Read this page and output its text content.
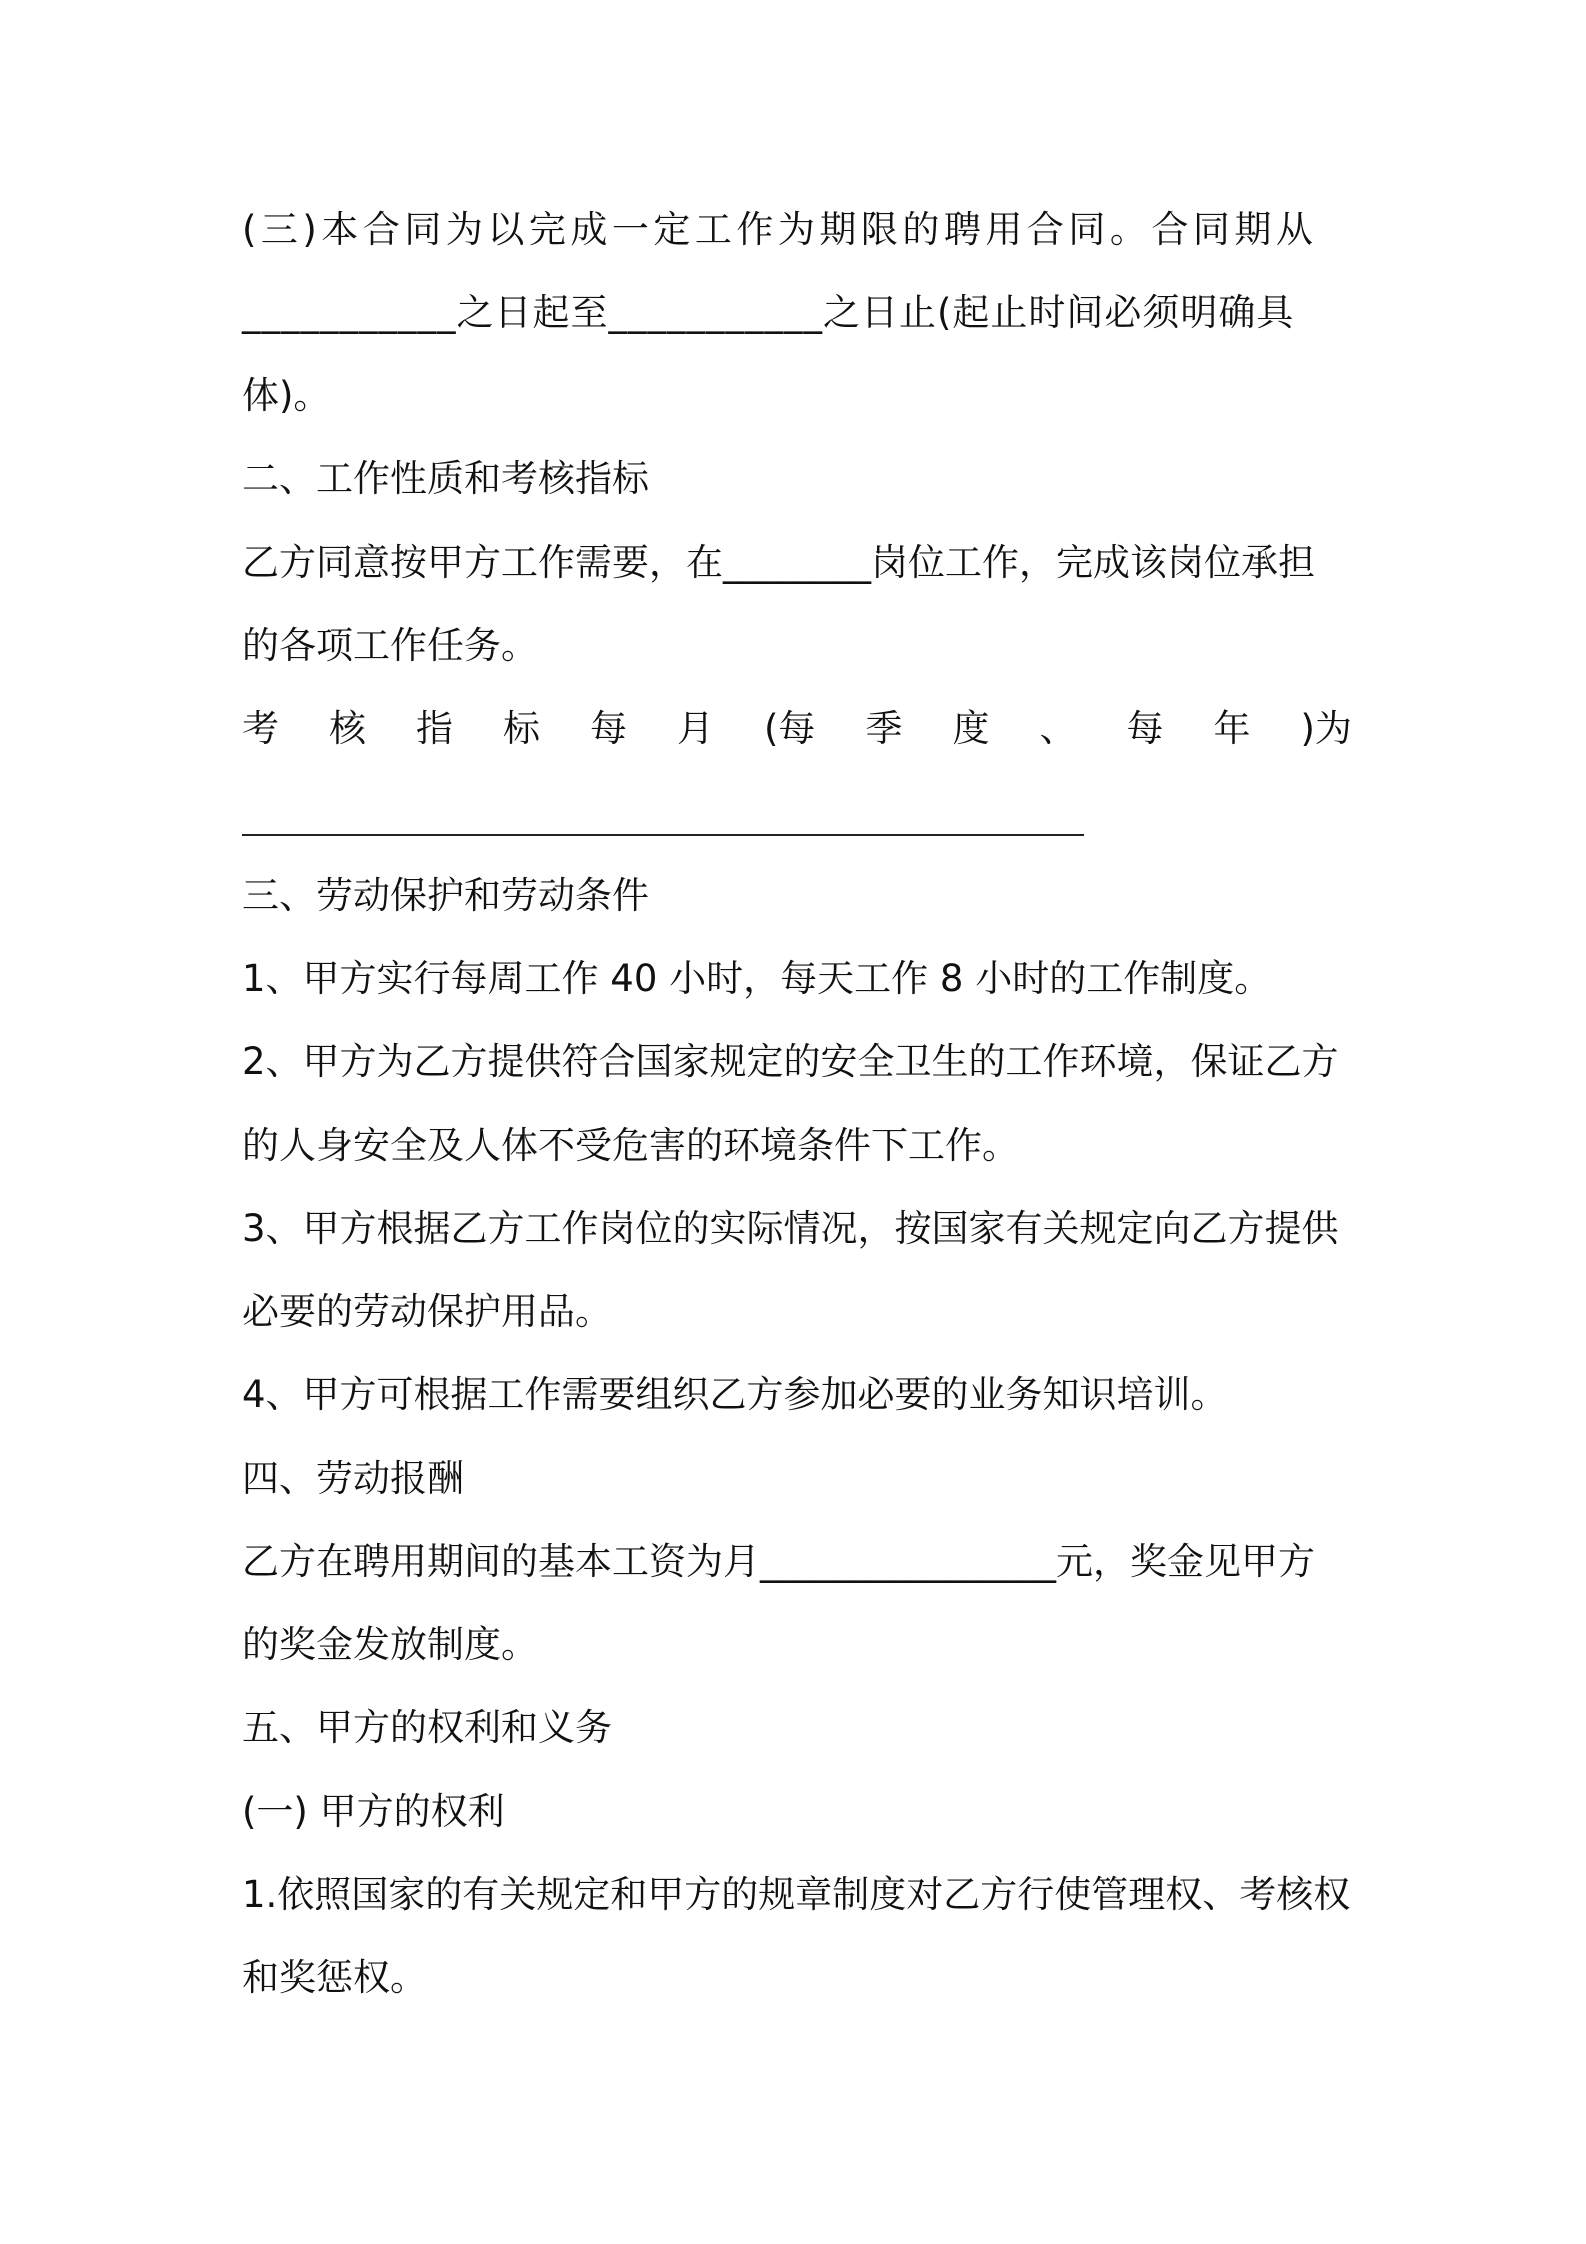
(三)本合同为以完成一定工作为期限的聘用合同。合同期从
___________之日起至___________之日止(起止时间必须明确具
体)。
二、工作性质和考核指标
乙方同意按甲方工作需要，在________岗位工作，完成该岗位承担
的各项工作任务。
考 核 指 标 每 月 (每 季 度 、 每 年 )为
三、劳动保护和劳动条件
1、甲方实行每周工作 40 小时，每天工作 8 小时的工作制度。
2、甲方为乙方提供符合国家规定的安全卫生的工作环境，保证乙方
的人身安全及人体不受危害的环境条件下工作。
3、甲方根据乙方工作岗位的实际情况，按国家有关规定向乙方提供
必要的劳动保护用品。
4、甲方可根据工作需要组织乙方参加必要的业务知识培训。
四、劳动报酬
乙方在聘用期间的基本工资为月________________元，奖金见甲方
的奖金发放制度。
五、甲方的权利和义务
(一) 甲方的权利
1.依照国家的有关规定和甲方的规章制度对乙方行使管理权、考核权
和奖惩权。
